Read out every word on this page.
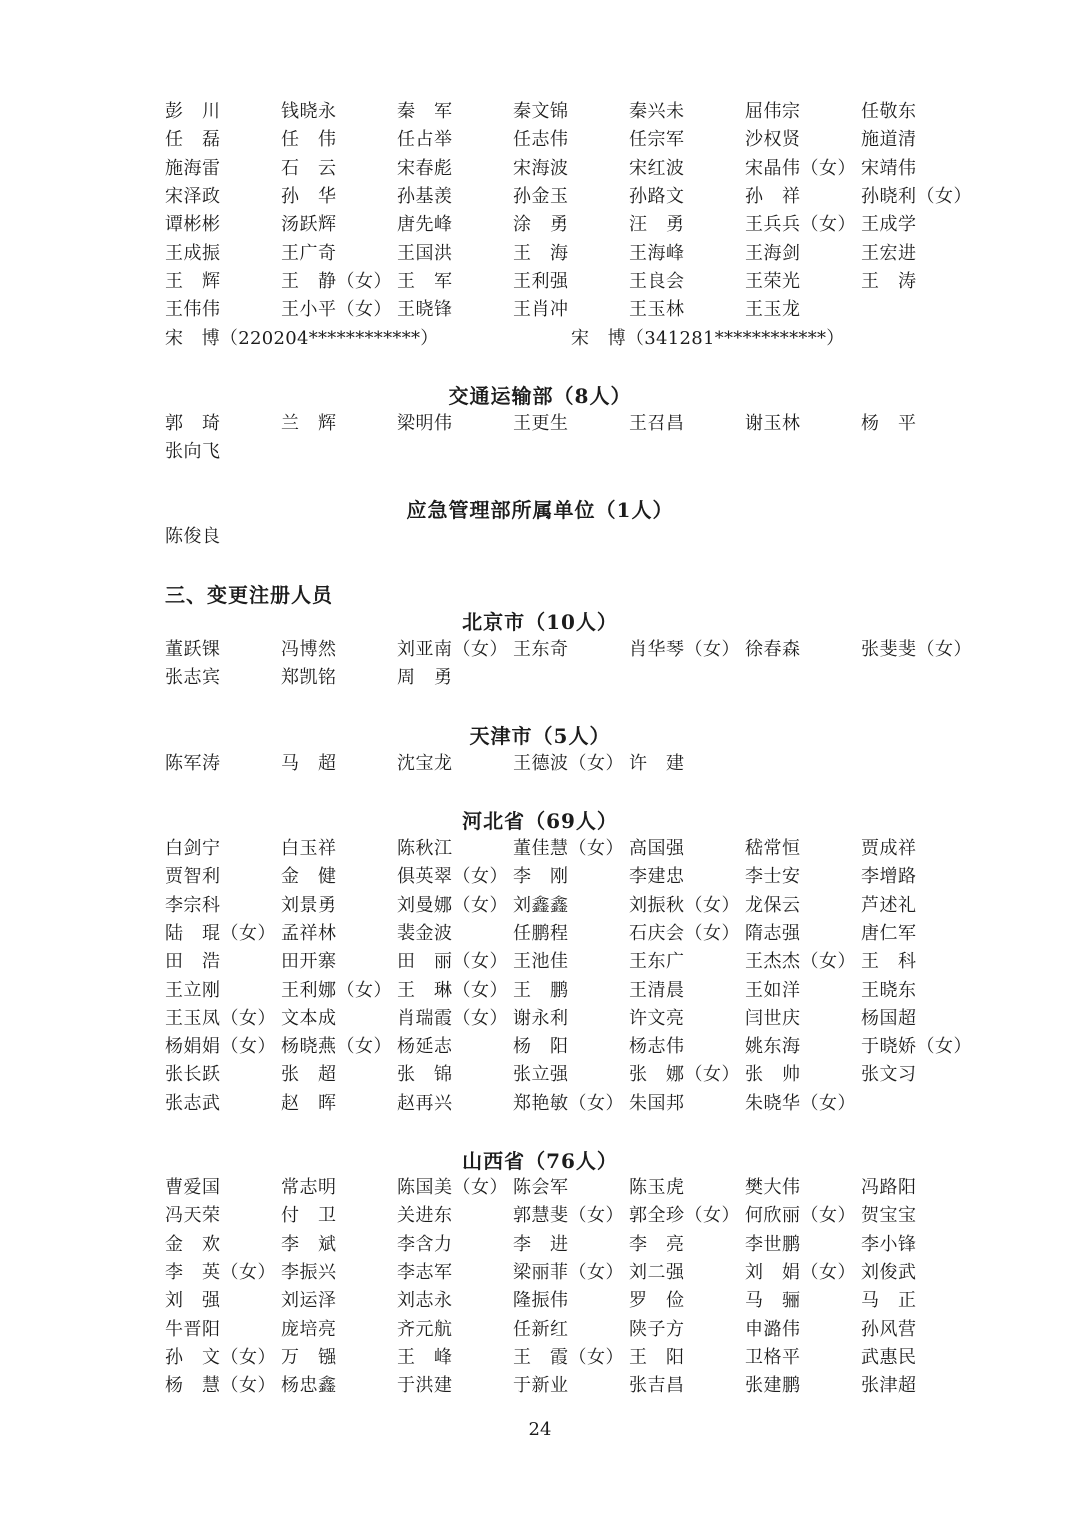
彭　川	钱晓永	秦　军	秦文锦	秦兴未	屈伟宗	任敬东
任　磊	任　伟	任占举	任志伟	任宗军	沙权贤	施道清
施海雷	石　云	宋春彪	宋海波	宋红波	宋晶伟（女） 宋靖伟
宋泽政	孙　华	孙基羡	孙金玉	孙路文	孙　祥	孙晓利（女）
谭彬彬	汤跃辉	唐先峰	涂　勇	汪　勇	王兵兵（女） 王成学
王成振	王广奇	王国洪	王　海	王海峰	王海剑	王宏进
王　辉	王　静（女） 王　军	王利强	王良会	王荣光	王　涛
王伟伟	王小平（女） 王晓锋	王肖冲	王玉林	王玉龙
宋　博（220204************）	宋　博（341281************）
交通运输部（8人）
郭　琦	兰　辉	梁明伟	王更生	王召昌	谢玉林	杨　平
张向飞
应急管理部所属单位（1人）
陈俊良
三、变更注册人员
北京市（10人）
董跃锞	冯博然	刘亚南（女） 王东奇	肖华琴（女） 徐春森	张斐斐（女）
张志宾	郑凯铭	周　勇
天津市（5人）
陈军涛	马　超	沈宝龙	王德波（女） 许　建
河北省（69人）
白剑宁	白玉祥	陈秋江	董佳慧（女） 高国强	嵇常恒	贾成祥
贾智利	金　健	俱英翠（女） 李　刚	李建忠	李士安	李增路
李宗科	刘景勇	刘曼娜（女） 刘鑫鑫	刘振秋（女） 龙保云	芦述礼
陆　琨（女） 孟祥林	裴金波	任鹏程	石庆会（女） 隋志强	唐仁军
田　浩	田开寨	田　丽（女） 王池佳	王东广	王杰杰（女） 王　科
王立刚	王利娜（女） 王　琳（女） 王　鹏	王清晨	王如洋	王晓东
王玉凤（女） 文本成	肖瑞霞（女） 谢永利	许文亮	闫世庆	杨国超
杨娟娟（女） 杨晓燕（女） 杨延志	杨　阳	杨志伟	姚东海	于晓娇（女）
张长跃	张　超	张　锦	张立强	张　娜（女） 张　帅	张文习
张志武	赵　晖	赵再兴	郑艳敏（女） 朱国邦	朱晓华（女）
山西省（76人）
曹爱国	常志明	陈国美（女） 陈会军	陈玉虎	樊大伟	冯路阳
冯天荣	付　卫	关进东	郭慧斐（女） 郭全珍（女） 何欣丽（女） 贺宝宝
金　欢	李　斌	李含力	李　进	李　亮	李世鹏	李小锋
李　英（女） 李振兴	李志军	梁丽菲（女） 刘二强	刘　娟（女） 刘俊武
刘　强	刘运泽	刘志永	隆振伟	罗　俭	马　骊	马　正
牛晋阳	庞培亮	齐元航	任新红	陕子方	申潞伟	孙风营
孙　文（女） 万　镪	王　峰	王　霞（女） 王　阳	卫格平	武惠民
杨　慧（女） 杨忠鑫	于洪建	于新业	张吉昌	张建鹏	张津超
24
